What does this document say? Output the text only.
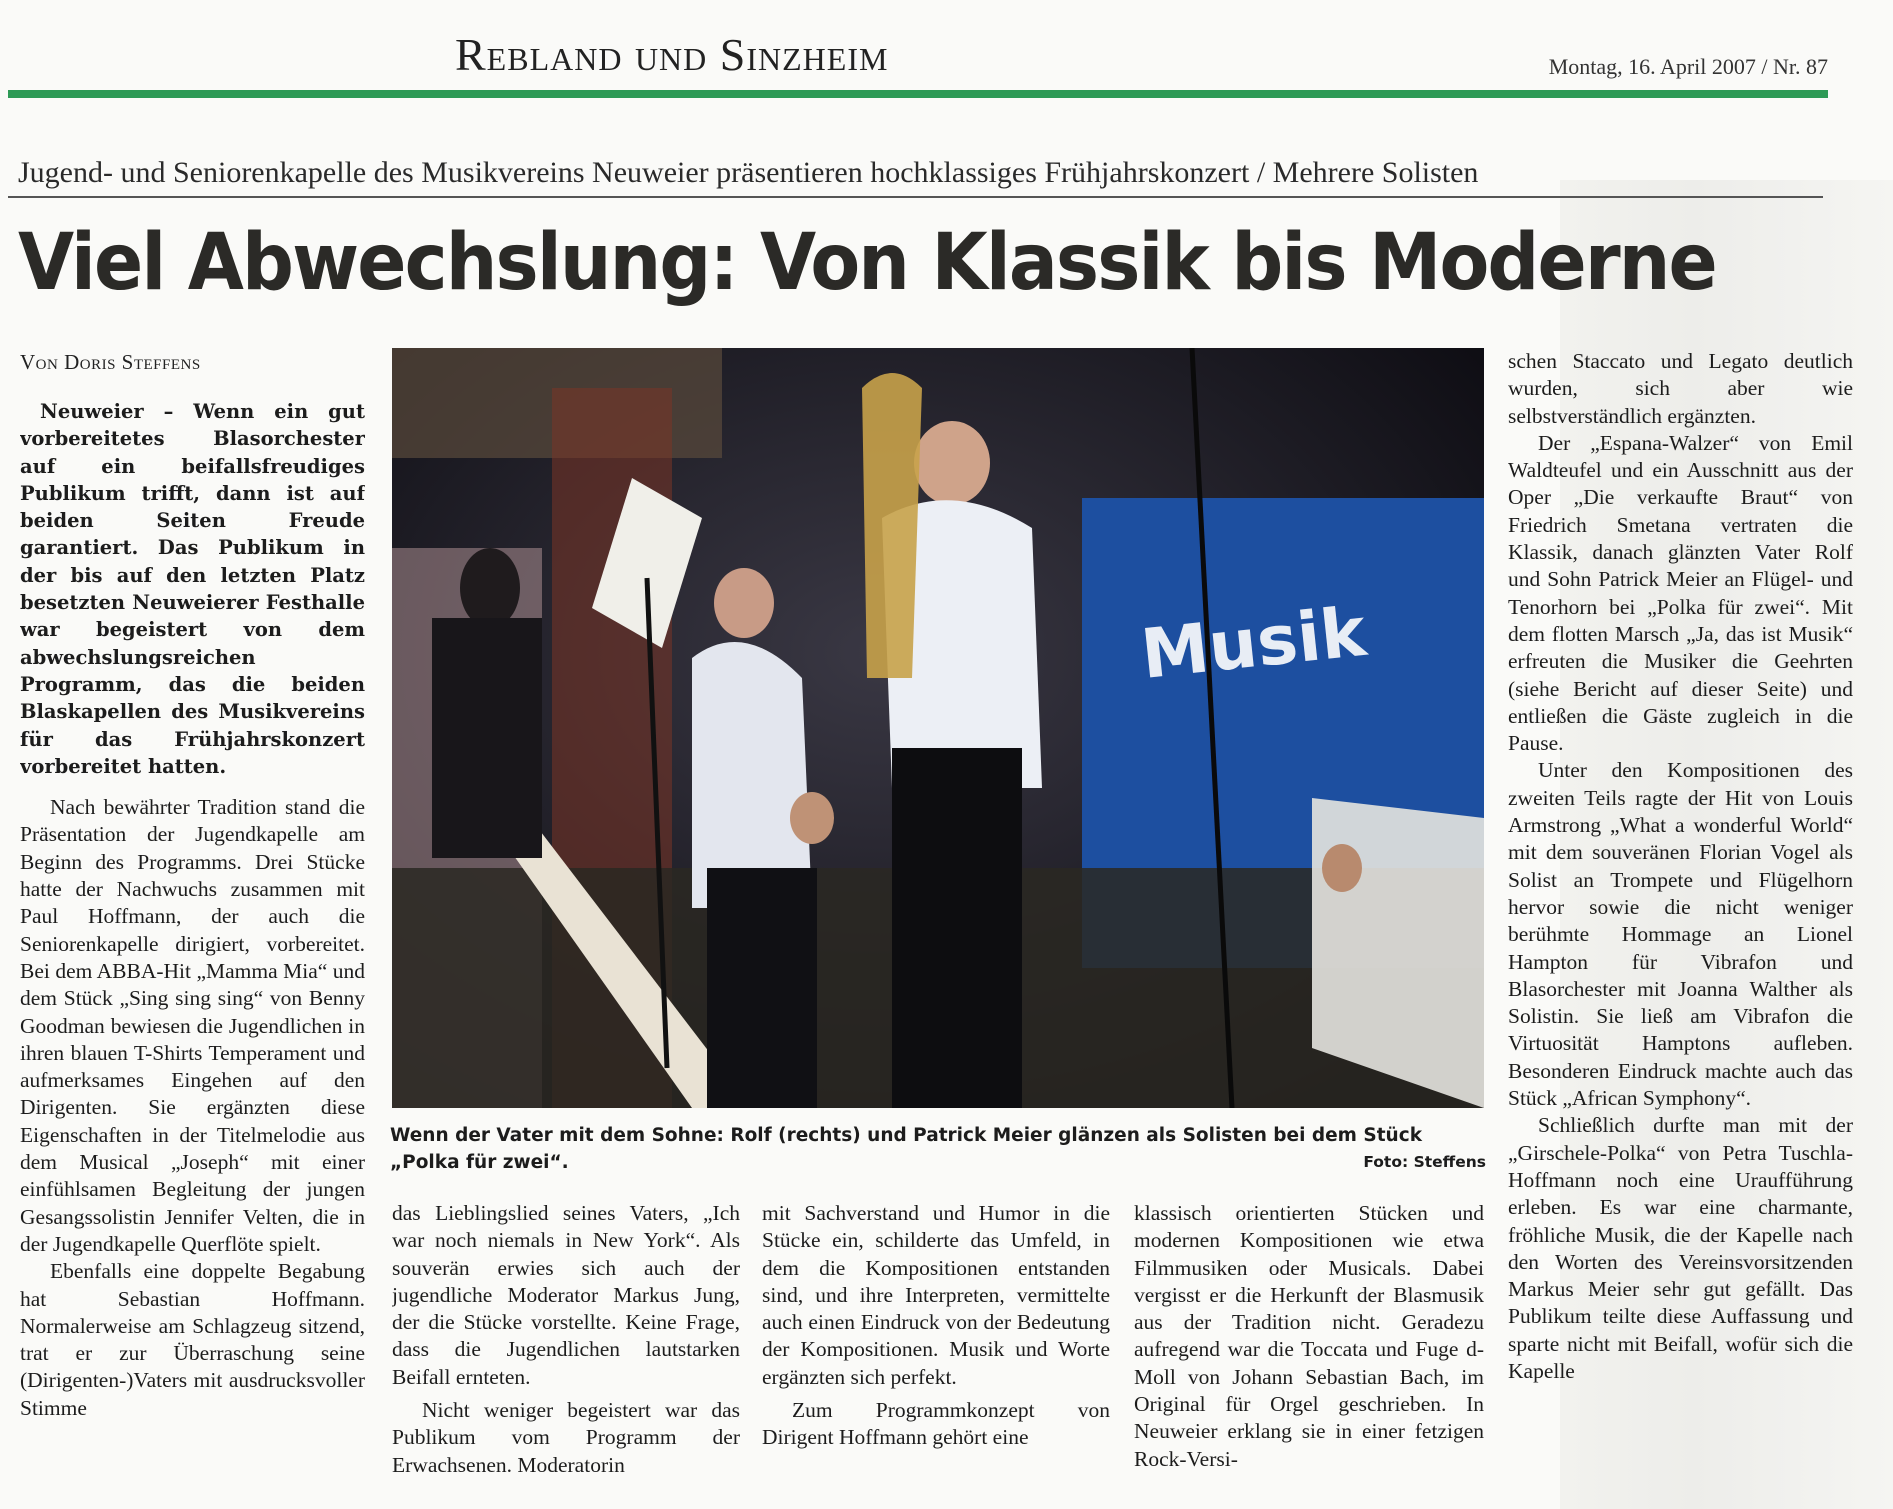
Rebland und Sinzheim	Montag, 16. April 2007 / Nr. 87
Jugend- und Seniorenkapelle des Musikvereins Neuweier präsentieren hochklassiges Frühjahrskonzert / Mehrere Solisten
Viel Abwechslung: Von Klassik bis Moderne
Von Doris Steffens

Neuweier – Wenn ein gut vorbereitetes Blasorchester auf ein beifallsfreudiges Publikum trifft, dann ist auf beiden Seiten Freude garantiert. Das Publikum in der bis auf den letzten Platz besetzten Neuweierer Festhalle war begeistert von dem abwechslungsreichen Programm, das die beiden Blaskapellen des Musikvereins für das Frühjahrskonzert vorbereitet hatten.

Nach bewährter Tradition stand die Präsentation der Jugendkapelle am Beginn des Programms. Drei Stücke hatte der Nachwuchs zusammen mit Paul Hoffmann, der auch die Seniorenkapelle dirigiert, vorbereitet. Bei dem ABBA-Hit „Mamma Mia“ und dem Stück „Sing sing sing“ von Benny Goodman bewiesen die Jugendlichen in ihren blauen T-Shirts Temperament und aufmerksames Eingehen auf den Dirigenten. Sie ergänzten diese Eigenschaften in der Titelmelodie aus dem Musical „Joseph“ mit einer einfühlsamen Begleitung der jungen Gesangssolistin Jennifer Velten, die in der Jugendkapelle Querflöte spielt.

Ebenfalls eine doppelte Begabung hat Sebastian Hoffmann. Normalerweise am Schlagzeug sitzend, trat er zur Überraschung seine (Dirigenten-)Vaters mit ausdrucksvoller Stimme

Musik
Wenn der Vater mit dem Sohne: Rolf (rechts) und Patrick Meier glänzen als Solisten bei dem Stück „Polka für zwei“.	Foto: Steffens

das Lieblingslied seines Vaters, „Ich war noch niemals in New York“. Als souverän erwies sich auch der jugendliche Moderator Markus Jung, der die Stücke vorstellte. Keine Frage, dass die Jugendlichen lautstarken Beifall ernteten.

Nicht weniger begeistert war das Publikum vom Programm der Erwachsenen. Moderatorin

mit Sachverstand und Humor in die Stücke ein, schilderte das Umfeld, in dem die Kompositionen entstanden sind, und ihre Interpreten, vermittelte auch einen Eindruck von der Bedeutung der Kompositionen. Musik und Worte ergänzten sich perfekt.

Zum Programmkonzept von Dirigent Hoffmann gehört eine

klassisch orientierten Stücken und modernen Kompositionen wie etwa Filmmusiken oder Musicals. Dabei vergisst er die Herkunft der Blasmusik aus der Tradition nicht. Geradezu aufregend war die Toccata und Fuge d-Moll von Johann Sebastian Bach, im Original für Orgel geschrieben. In Neuweier erklang sie in einer fetzigen Rock-Versi-

schen Staccato und Legato deutlich wurden, sich aber wie selbstverständlich ergänzten.

Der „Espana-Walzer“ von Emil Waldteufel und ein Ausschnitt aus der Oper „Die verkaufte Braut“ von Friedrich Smetana vertraten die Klassik, danach glänzten Vater Rolf und Sohn Patrick Meier an Flügel- und Tenorhorn bei „Polka für zwei“. Mit dem flotten Marsch „Ja, das ist Musik“ erfreuten die Musiker die Geehrten (siehe Bericht auf dieser Seite) und entließen die Gäste zugleich in die Pause.

Unter den Kompositionen des zweiten Teils ragte der Hit von Louis Armstrong „What a wonderful World“ mit dem souveränen Florian Vogel als Solist an Trompete und Flügelhorn hervor sowie die nicht weniger berühmte Hommage an Lionel Hampton für Vibrafon und Blasorchester mit Joanna Walther als Solistin. Sie ließ am Vibrafon die Virtuosität Hamptons aufleben. Besonderen Eindruck machte auch das Stück „African Symphony“.

Schließlich durfte man mit der „Girschele-Polka“ von Petra Tuschla-Hoffmann noch eine Uraufführung erleben. Es war eine charmante, fröhliche Musik, die der Kapelle nach den Worten des Vereinsvorsitzenden Markus Meier sehr gut gefällt. Das Publikum teilte diese Auffassung und sparte nicht mit Beifall, wofür sich die Kapelle
